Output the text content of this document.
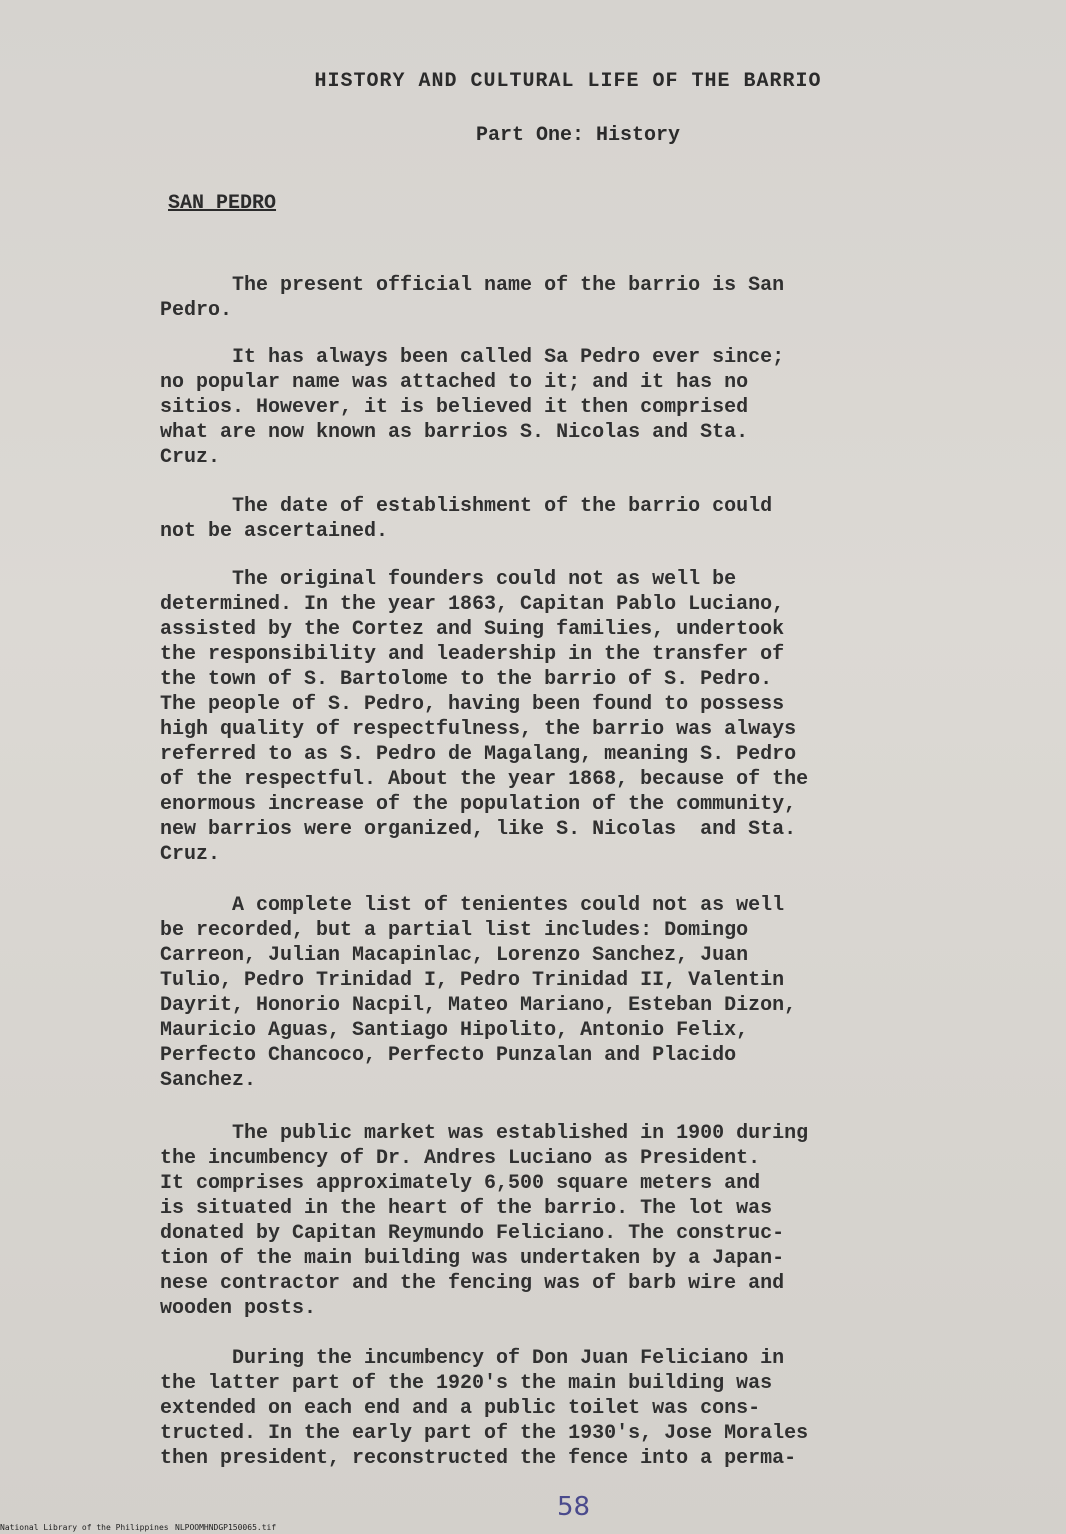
HISTORY AND CULTURAL LIFE OF THE BARRIO
Part One: History
SAN PEDRO
The present official name of the barrio is San
Pedro.
It has always been called Sa Pedro ever since;
no popular name was attached to it; and it has no
sitios. However, it is believed it then comprised
what are now known as barrios S. Nicolas and Sta.
Cruz.
The date of establishment of the barrio could
not be ascertained.
The original founders could not as well be
determined. In the year 1863, Capitan Pablo Luciano,
assisted by the Cortez and Suing families, undertook
the responsibility and leadership in the transfer of
the town of S. Bartolome to the barrio of S. Pedro.
The people of S. Pedro, having been found to possess
high quality of respectfulness, the barrio was always
referred to as S. Pedro de Magalang, meaning S. Pedro
of the respectful. About the year 1868, because of the
enormous increase of the population of the community,
new barrios were organized, like S. Nicolas  and Sta.
Cruz.
A complete list of tenientes could not as well
be recorded, but a partial list includes: Domingo
Carreon, Julian Macapinlac, Lorenzo Sanchez, Juan
Tulio, Pedro Trinidad I, Pedro Trinidad II, Valentin
Dayrit, Honorio Nacpil, Mateo Mariano, Esteban Dizon,
Mauricio Aguas, Santiago Hipolito, Antonio Felix,
Perfecto Chancoco, Perfecto Punzalan and Placido
Sanchez.
The public market was established in 1900 during
the incumbency of Dr. Andres Luciano as President.
It comprises approximately 6,500 square meters and
is situated in the heart of the barrio. The lot was
donated by Capitan Reymundo Feliciano. The construc-
tion of the main building was undertaken by a Japan-
nese contractor and the fencing was of barb wire and
wooden posts.
During the incumbency of Don Juan Feliciano in
the latter part of the 1920's the main building was
extended on each end and a public toilet was cons-
tructed. In the early part of the 1930's, Jose Morales
then president, reconstructed the fence into a perma-
58
National Library of the Philippines NLPOOMHNDGP150065.tif
